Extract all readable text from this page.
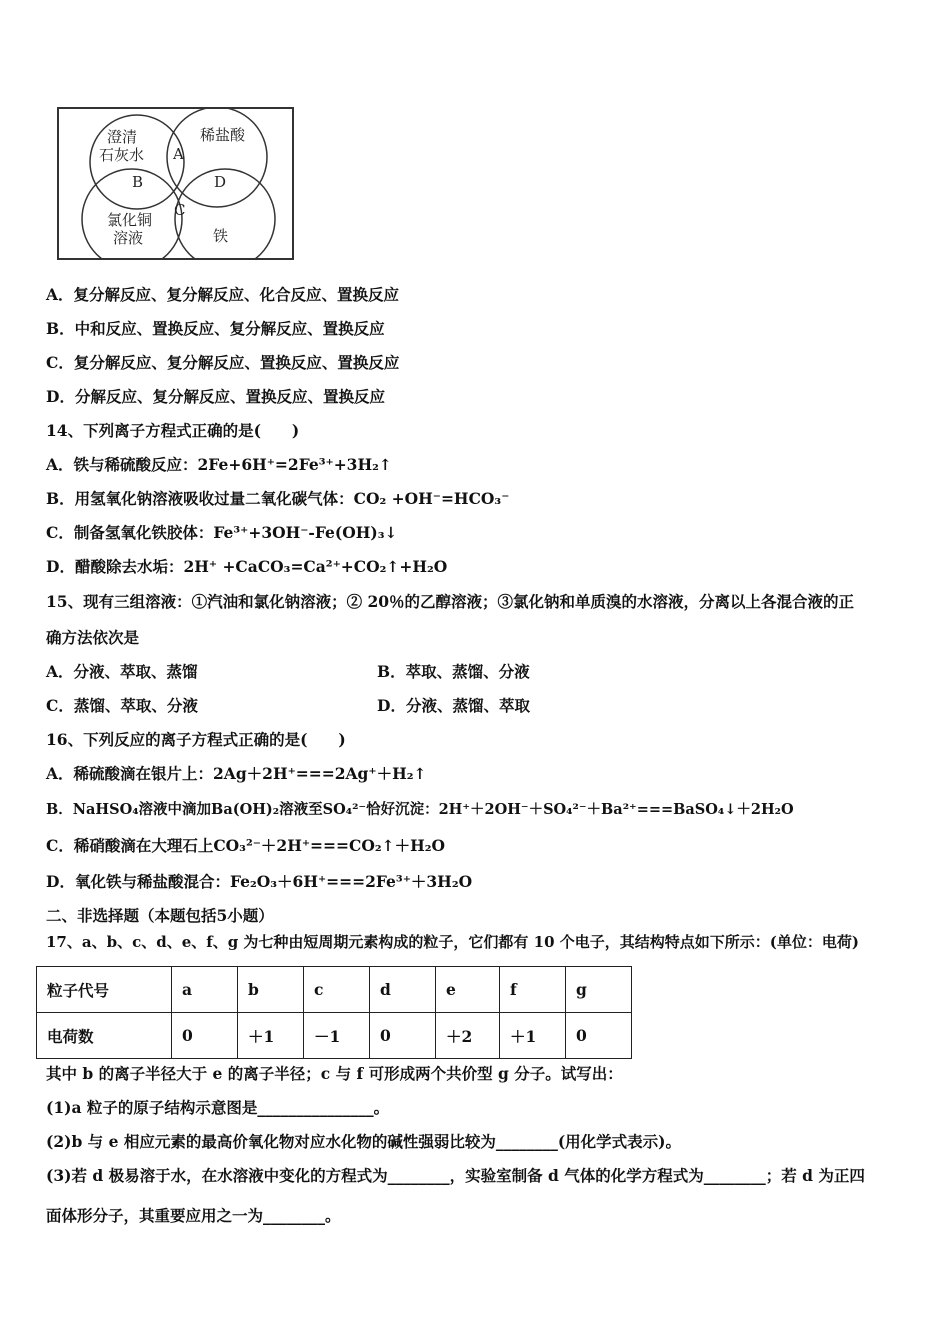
澄清
石灰水
稀盐酸
氯化铜
溶液	铁
A
B
C
D
A．复分解反应、复分解反应、化合反应、置换反应
B．中和反应、置换反应、复分解反应、置换反应
C．复分解反应、复分解反应、置换反应、置换反应
D．分解反应、复分解反应、置换反应、置换反应
14、下列离子方程式正确的是(　　)
A．铁与稀硫酸反应：2Fe+6H⁺=2Fe³⁺+3H₂↑
B．用氢氧化钠溶液吸收过量二氧化碳气体：CO₂ +OH⁻=HCO₃⁻
C．制备氢氧化铁胶体：Fe³⁺+3OH⁻-Fe(OH)₃↓
D．醋酸除去水垢：2H⁺ +CaCO₃=Ca²⁺+CO₂↑+H₂O
15、现有三组溶液：①汽油和氯化钠溶液；② 20％的乙醇溶液；③氯化钠和单质溴的水溶液，分离以上各混合液的正
确方法依次是
A．分液、萃取、蒸馏	B．萃取、蒸馏、分液
C．蒸馏、萃取、分液	D．分液、蒸馏、萃取
16、下列反应的离子方程式正确的是(　　)
A．稀硫酸滴在银片上：2Ag＋2H⁺===2Ag⁺＋H₂↑
B．NaHSO₄溶液中滴加Ba(OH)₂溶液至SO₄²⁻恰好沉淀：2H⁺＋2OH⁻＋SO₄²⁻＋Ba²⁺===BaSO₄↓＋2H₂O
C．稀硝酸滴在大理石上CO₃²⁻＋2H⁺===CO₂↑＋H₂O
D．氧化铁与稀盐酸混合：Fe₂O₃＋6H⁺===2Fe³⁺＋3H₂O
二、非选择题（本题包括5小题）
17、a、b、c、d、e、f、g 为七种由短周期元素构成的粒子，它们都有 10 个电子，其结构特点如下所示：(单位：电荷)
粒子代号	a	b	c	d	e	f	g
电荷数	0	＋1	－1	0	＋2	＋1	0
其中 b 的离子半径大于 e 的离子半径；c 与 f 可形成两个共价型 g 分子。试写出：
(1)a 粒子的原子结构示意图是_______________。
(2)b 与 e 相应元素的最高价氧化物对应水化物的碱性强弱比较为________(用化学式表示)。
(3)若 d 极易溶于水，在水溶液中变化的方程式为________，实验室制备 d 气体的化学方程式为________；若 d 为正四
面体形分子，其重要应用之一为________。
